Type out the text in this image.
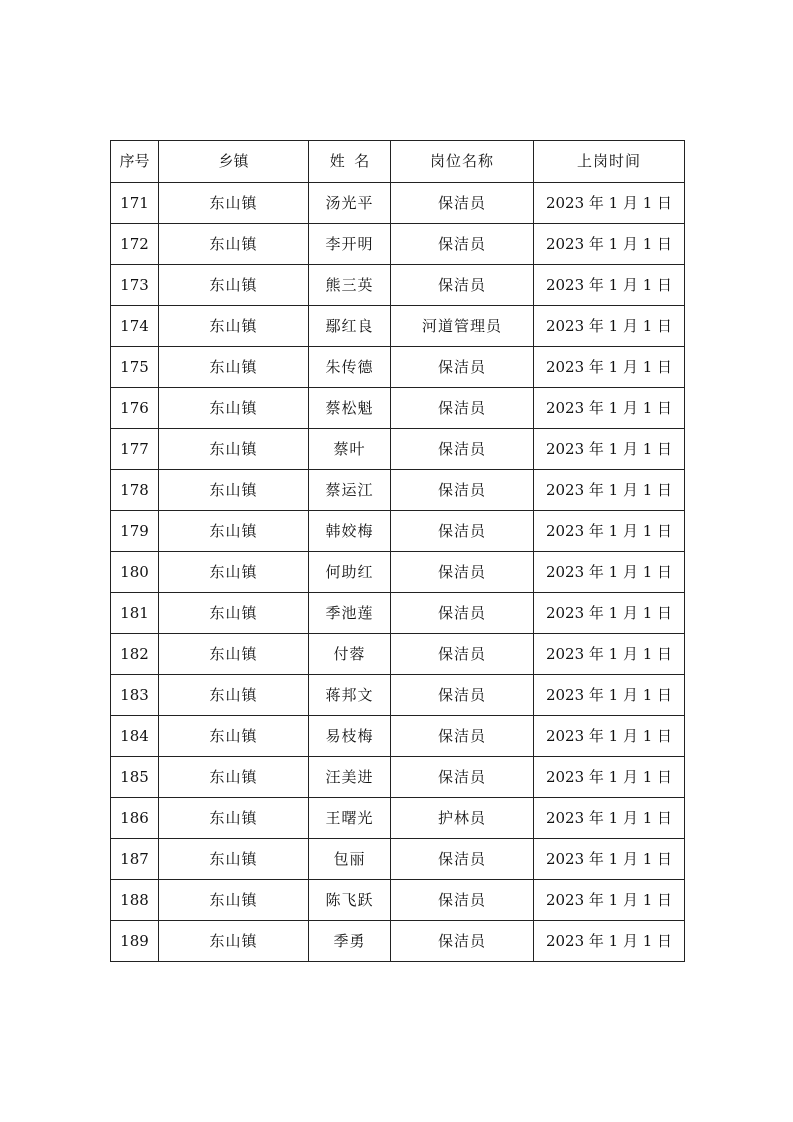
序号	乡镇	姓  名	岗位名称	上岗时间
171	东山镇	汤光平	保洁员	2023 年 1 月 1 日
172	东山镇	李开明	保洁员	2023 年 1 月 1 日
173	东山镇	熊三英	保洁员	2023 年 1 月 1 日
174	东山镇	鄢红良	河道管理员	2023 年 1 月 1 日
175	东山镇	朱传德	保洁员	2023 年 1 月 1 日
176	东山镇	蔡松魁	保洁员	2023 年 1 月 1 日
177	东山镇	蔡叶	保洁员	2023 年 1 月 1 日
178	东山镇	蔡运江	保洁员	2023 年 1 月 1 日
179	东山镇	韩姣梅	保洁员	2023 年 1 月 1 日
180	东山镇	何助红	保洁员	2023 年 1 月 1 日
181	东山镇	季池莲	保洁员	2023 年 1 月 1 日
182	东山镇	付蓉	保洁员	2023 年 1 月 1 日
183	东山镇	蒋邦文	保洁员	2023 年 1 月 1 日
184	东山镇	易枝梅	保洁员	2023 年 1 月 1 日
185	东山镇	汪美进	保洁员	2023 年 1 月 1 日
186	东山镇	王曙光	护林员	2023 年 1 月 1 日
187	东山镇	包丽	保洁员	2023 年 1 月 1 日
188	东山镇	陈飞跃	保洁员	2023 年 1 月 1 日
189	东山镇	季勇	保洁员	2023 年 1 月 1 日
